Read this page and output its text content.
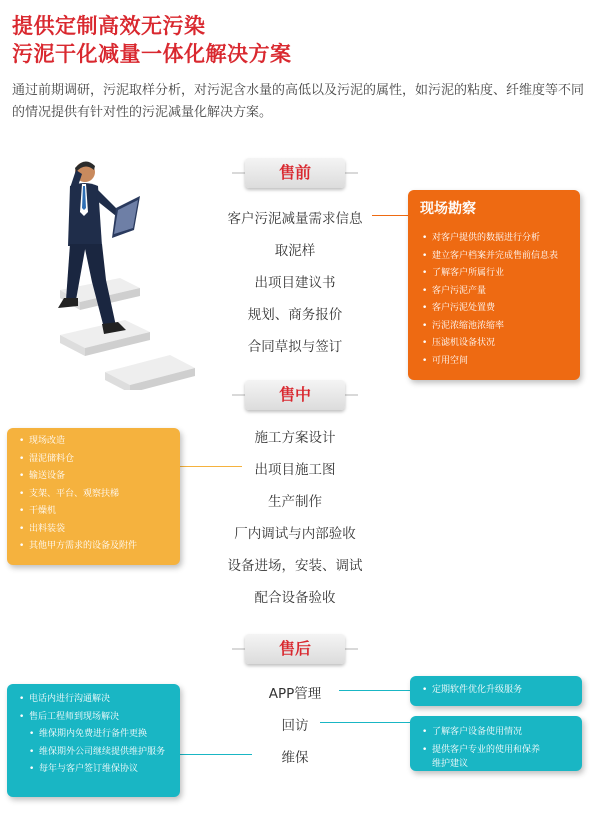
提供定制高效无污染
污泥干化减量一体化解决方案

通过前期调研，污泥取样分析，对污泥含水量的高低以及污泥的属性，如污泥的粘度、纤维度等不同的情况提供有针对性的污泥减量化解决方案。

售前
客户污泥减量需求信息
取泥样
出项目建议书
规划、商务报价
合同草拟与签订
现场勘察
• 对客户提供的数据进行分析
• 建立客户档案并完成售前信息表
• 了解客户所属行业
• 客户污泥产量
• 客户污泥处置费
• 污泥浓缩池浓缩率
• 压滤机设备状况
• 可用空间
售中
施工方案设计
出项目施工图
生产制作
厂内调试与内部验收
设备进场，安装、调试
配合设备验收
• 现场改造
• 湿泥储料仓
• 输送设备
• 支架、平台、观察扶梯
• 干燥机
• 出料装袋
• 其他甲方需求的设备及附件
售后
APP管理
回访
维保
• 电话内进行沟通解决
• 售后工程师到现场解决
• 维保期内免费进行备件更换
• 维保期外公司继续提供维护服务
• 每年与客户签订维保协议
• 定期软件优化升级服务
• 了解客户设备使用情况
• 提供客户专业的使用和保养
维护建议
